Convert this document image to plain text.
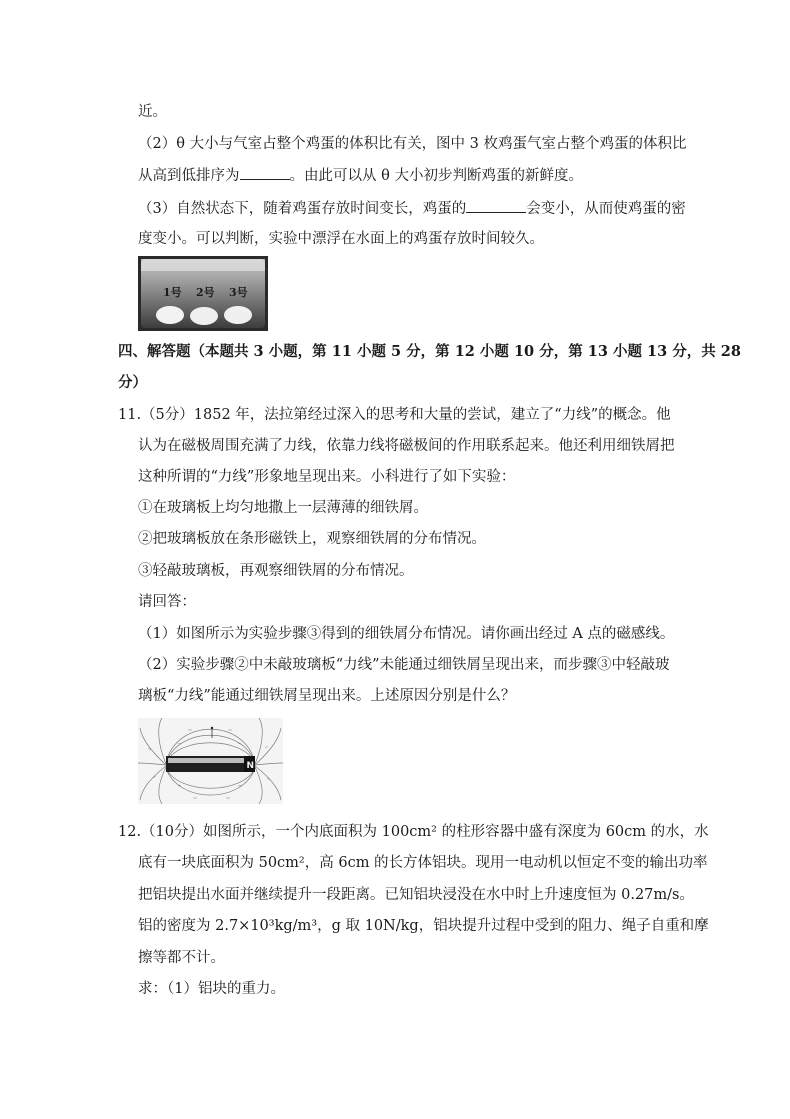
近。
（2）θ 大小与气室占整个鸡蛋的体积比有关，图中 3 枚鸡蛋气室占整个鸡蛋的体积比
从高到低排序为	。由此可以从 θ 大小初步判断鸡蛋的新鲜度。
（3）自然状态下，随着鸡蛋存放时间变长，鸡蛋的	会变小，从而使鸡蛋的密
度变小。可以判断，实验中漂浮在水面上的鸡蛋存放时间较久。
1号 2号 3号
四、解答题（本题共 3 小题，第 11 小题 5 分，第 12 小题 10 分，第 13 小题 13 分，共 28
分）
11.（5分）1852 年，法拉第经过深入的思考和大量的尝试，建立了“力线”的概念。他
认为在磁极周围充满了力线，依靠力线将磁极间的作用联系起来。他还利用细铁屑把
这种所谓的“力线”形象地呈现出来。小科进行了如下实验：
①在玻璃板上均匀地撒上一层薄薄的细铁屑。
②把玻璃板放在条形磁铁上，观察细铁屑的分布情况。
③轻敲玻璃板，再观察细铁屑的分布情况。
请回答：
（1）如图所示为实验步骤③得到的细铁屑分布情况。请你画出经过 A 点的磁感线。
（2）实验步骤②中未敲玻璃板“力线”未能通过细铁屑呈现出来，而步骤③中轻敲玻
璃板“力线”能通过细铁屑呈现出来。上述原因分别是什么？
N
12.（10分）如图所示，一个内底面积为 100cm² 的柱形容器中盛有深度为 60cm 的水，水
底有一块底面积为 50cm²，高 6cm 的长方体铝块。现用一电动机以恒定不变的输出功率
把铝块提出水面并继续提升一段距离。已知铝块浸没在水中时上升速度恒为 0.27m/s。
铝的密度为 2.7×10³kg/m³，g 取 10N/kg，铝块提升过程中受到的阻力、绳子自重和摩
擦等都不计。
求：（1）铝块的重力。
